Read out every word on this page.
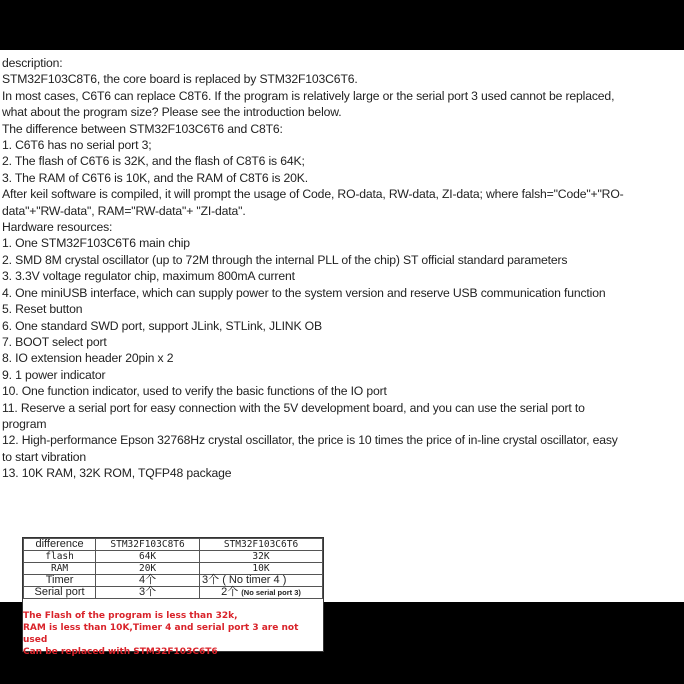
description:
STM32F103C8T6, the core board is replaced by STM32F103C6T6.
In most cases, C6T6 can replace C8T6. If the program is relatively large or the serial port 3 used cannot be replaced,
what about the program size? Please see the introduction below.
The difference between STM32F103C6T6 and C8T6:
1. C6T6 has no serial port 3;
2. The flash of C6T6 is 32K, and the flash of C8T6 is 64K;
3. The RAM of C6T6 is 10K, and the RAM of C8T6 is 20K.
After keil software is compiled, it will prompt the usage of Code, RO-data, RW-data, ZI-data; where falsh="Code"+"RO-
data"+"RW-data", RAM="RW-data"+ "ZI-data".
Hardware resources:
1. One STM32F103C6T6 main chip
2. SMD 8M crystal oscillator (up to 72M through the internal PLL of the chip) ST official standard parameters
3. 3.3V voltage regulator chip, maximum 800mA current
4. One miniUSB interface, which can supply power to the system version and reserve USB communication function
5. Reset button
6. One standard SWD port, support JLink, STLink, JLINK OB
7. BOOT select port
8. IO extension header 20pin x 2
9. 1 power indicator
10. One function indicator, used to verify the basic functions of the IO port
11. Reserve a serial port for easy connection with the 5V development board, and you can use the serial port to
program
12. High-performance Epson 32768Hz crystal oscillator, the price is 10 times the price of in-line crystal oscillator, easy
to start vibration
13. 10K RAM, 32K ROM, TQFP48 package
difference	STM32F103C8T6	STM32F103C6T6
flash	64K	32K
RAM	20K	10K
Timer	4个	3个 ( No timer 4 )
Serial port	3个	2个 (No serial port 3)
The Flash of the program is less than 32k,
RAM is less than 10K,Timer 4 and serial port 3 are not used
Can be replaced with STM32F103C6T6
